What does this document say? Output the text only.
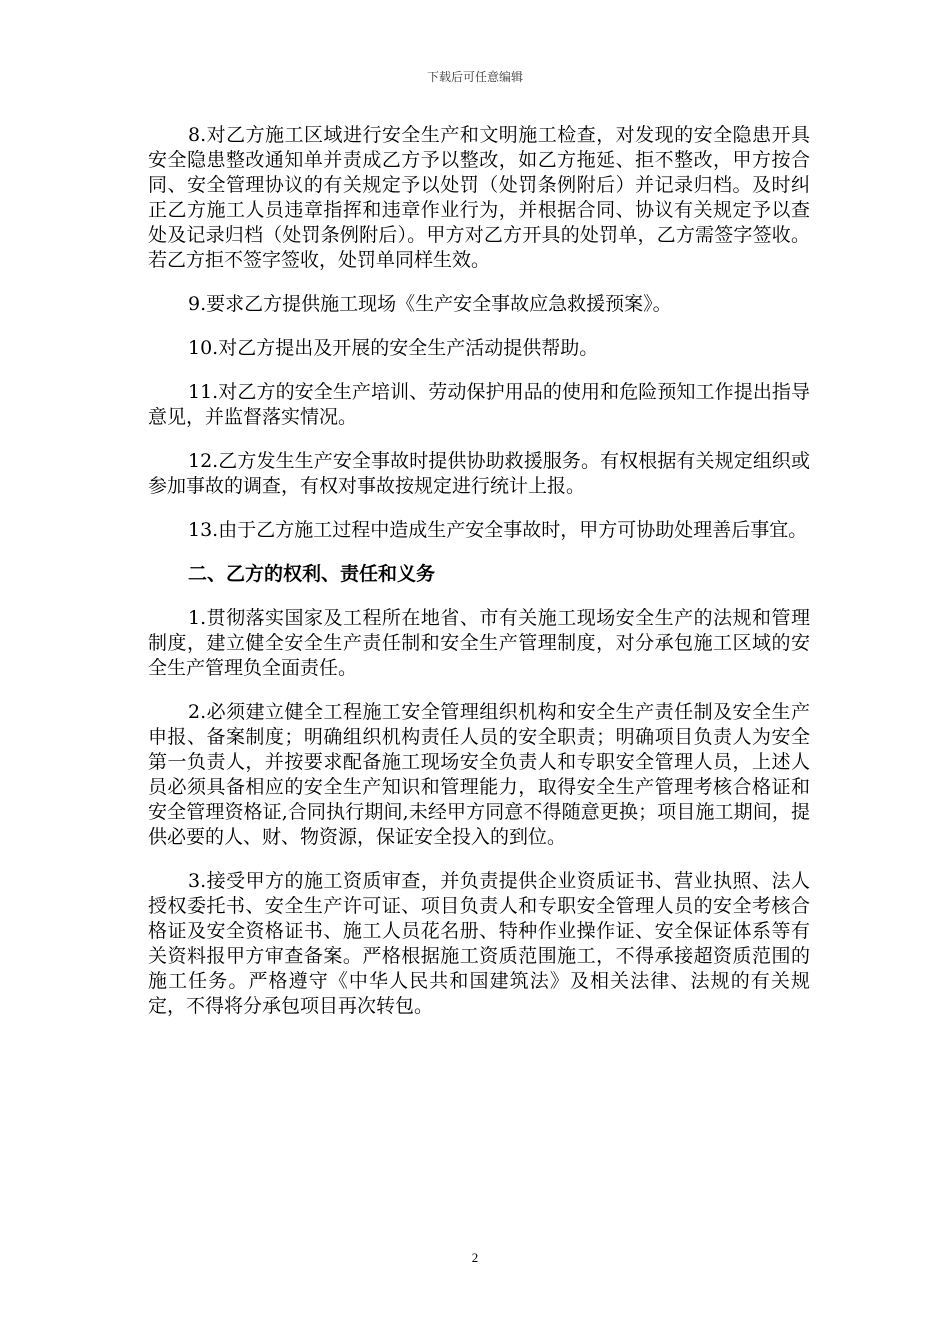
下载后可任意编辑

8.对乙方施工区域进行安全生产和文明施工检查，对发现的安全隐患开具安全隐患整改通知单并责成乙方予以整改，如乙方拖延、拒不整改，甲方按合同、安全管理协议的有关规定予以处罚（处罚条例附后）并记录归档。及时纠正乙方施工人员违章指挥和违章作业行为，并根据合同、协议有关规定予以查处及记录归档（处罚条例附后）。甲方对乙方开具的处罚单，乙方需签字签收。若乙方拒不签字签收，处罚单同样生效。

9.要求乙方提供施工现场《生产安全事故应急救援预案》。

10.对乙方提出及开展的安全生产活动提供帮助。

11.对乙方的安全生产培训、劳动保护用品的使用和危险预知工作提出指导意见，并监督落实情况。

12.乙方发生生产安全事故时提供协助救援服务。有权根据有关规定组织或参加事故的调查，有权对事故按规定进行统计上报。

13.由于乙方施工过程中造成生产安全事故时，甲方可协助处理善后事宜。

二、乙方的权利、责任和义务

1.贯彻落实国家及工程所在地省、市有关施工现场安全生产的法规和管理制度，建立健全安全生产责任制和安全生产管理制度，对分承包施工区域的安全生产管理负全面责任。

2.必须建立健全工程施工安全管理组织机构和安全生产责任制及安全生产申报、备案制度；明确组织机构责任人员的安全职责；明确项目负责人为安全第一负责人，并按要求配备施工现场安全负责人和专职安全管理人员，上述人员必须具备相应的安全生产知识和管理能力，取得安全生产管理考核合格证和安全管理资格证,合同执行期间,未经甲方同意不得随意更换；项目施工期间，提供必要的人、财、物资源，保证安全投入的到位。

3.接受甲方的施工资质审查，并负责提供企业资质证书、营业执照、法人授权委托书、安全生产许可证、项目负责人和专职安全管理人员的安全考核合格证及安全资格证书、施工人员花名册、特种作业操作证、安全保证体系等有关资料报甲方审查备案。严格根据施工资质范围施工，不得承接超资质范围的施工任务。严格遵守《中华人民共和国建筑法》及相关法律、法规的有关规定，不得将分承包项目再次转包。

2
